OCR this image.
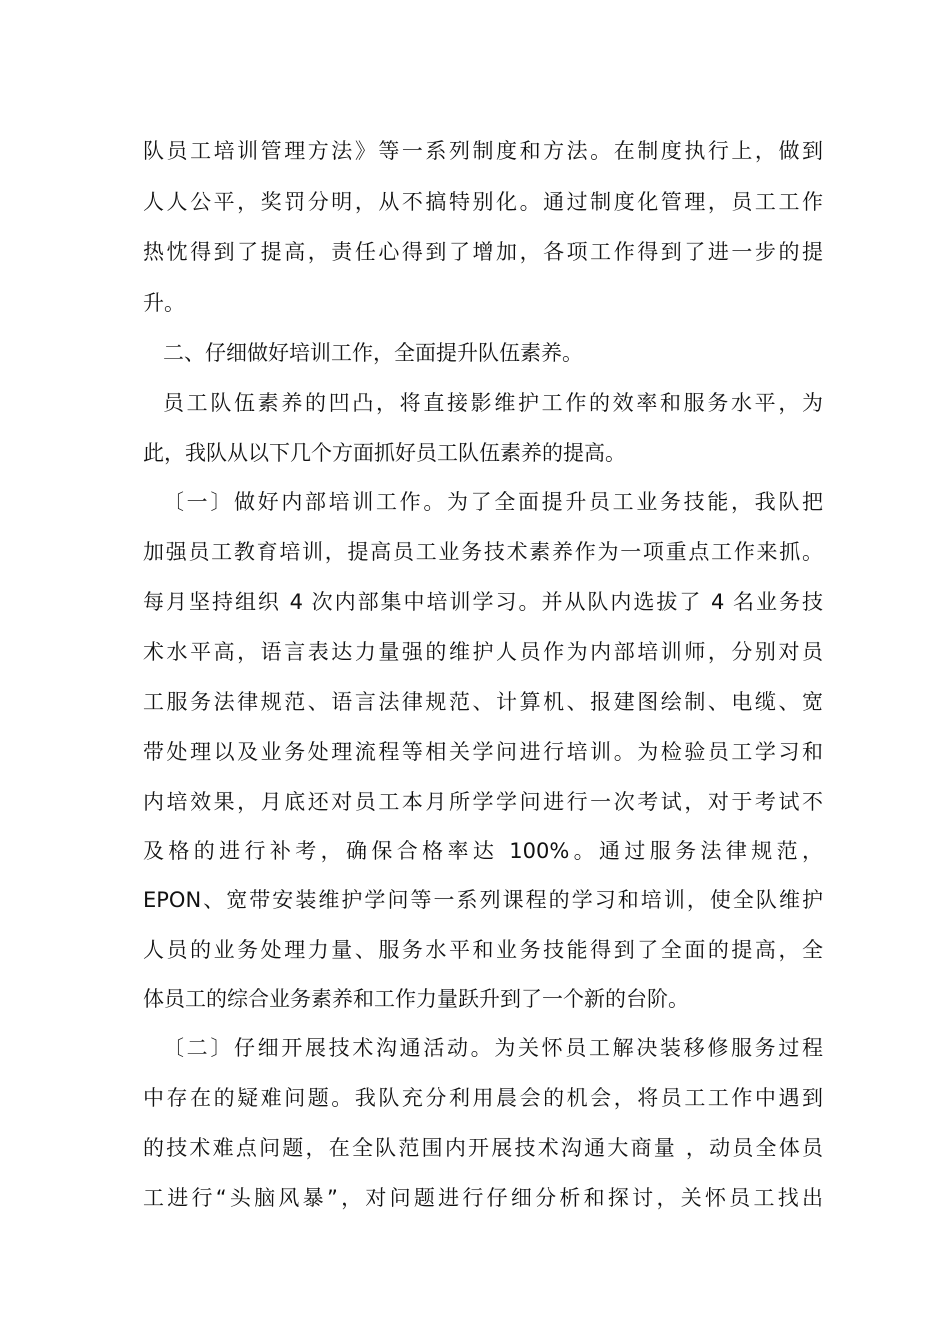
队员工培训管理方法》等一系列制度和方法。在制度执行上，做到
人人公平，奖罚分明，从不搞特别化。通过制度化管理，员工工作
热忱得到了提高，责任心得到了增加，各项工作得到了进一步的提
升。
二、仔细做好培训工作，全面提升队伍素养。
员工队伍素养的凹凸，将直接影维护工作的效率和服务水平，为
此，我队从以下几个方面抓好员工队伍素养的提高。
〔一〕做好内部培训工作。为了全面提升员工业务技能，我队把
加强员工教育培训，提高员工业务技术素养作为一项重点工作来抓。
每月坚持组织 4 次内部集中培训学习。并从队内选拔了 4 名业务技
术水平高，语言表达力量强的维护人员作为内部培训师，分别对员
工服务法律规范、语言法律规范、计算机、报建图绘制、电缆、宽
带处理以及业务处理流程等相关学问进行培训。为检验员工学习和
内培效果，月底还对员工本月所学学问进行一次考试，对于考试不
及格的进行补考，确保合格率达 100%。通过服务法律规范，
EPON、宽带安装维护学问等一系列课程的学习和培训，使全队维护
人员的业务处理力量、服务水平和业务技能得到了全面的提高，全
体员工的综合业务素养和工作力量跃升到了一个新的台阶。
〔二〕仔细开展技术沟通活动。为关怀员工解决装移修服务过程
中存在的疑难问题。我队充分利用晨会的机会，将员工工作中遇到
的技术难点问题，在全队范围内开展技术沟通大商量 ，动员全体员
工进行“头脑风暴”，对问题进行仔细分析和探讨，关怀员工找出
